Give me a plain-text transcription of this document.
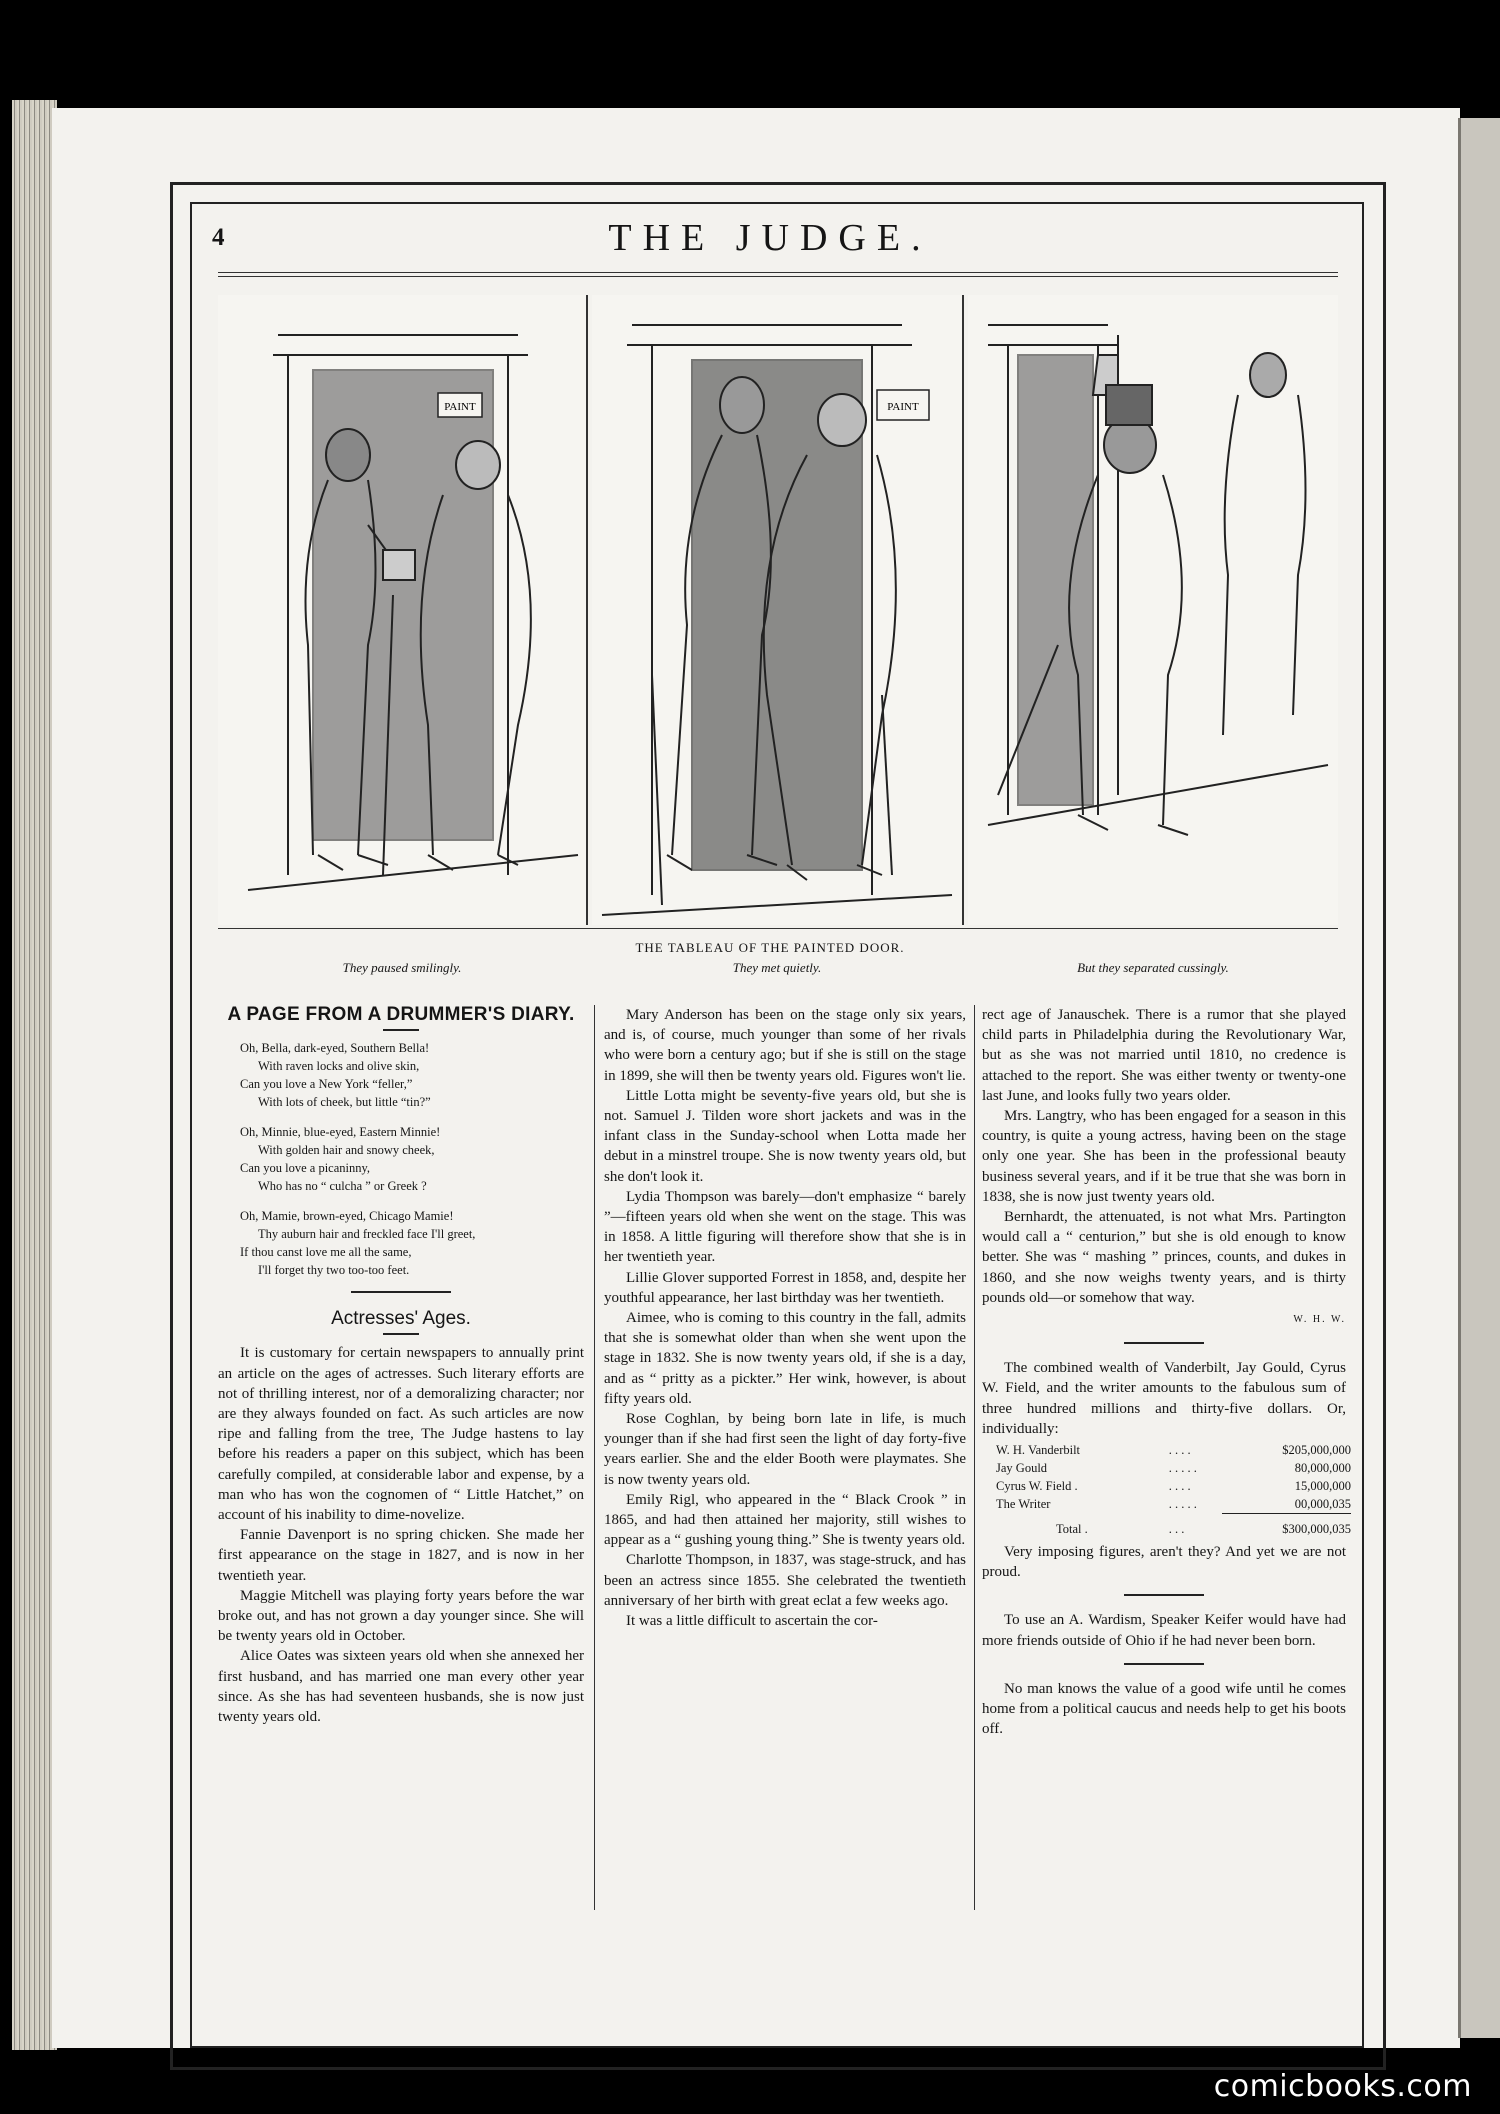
4	THE JUDGE.
PAINT	PAINT
THE TABLEAU OF THE PAINTED DOOR.
They paused smilingly.	They met quietly.	But they separated cussingly.

A PAGE FROM A DRUMMER'S DIARY.

Oh, Bella, dark-eyed, Southern Bella!
With raven locks and olive skin,
Can you love a New York “feller,”
With lots of cheek, but little “tin?”
Oh, Minnie, blue-eyed, Eastern Minnie!
With golden hair and snowy cheek,
Can you love a picaninny,
Who has no “ culcha ” or Greek ?
Oh, Mamie, brown-eyed, Chicago Mamie!
Thy auburn hair and freckled face I'll greet,
If thou canst love me all the same,
I'll forget thy two too-too feet.
Actresses' Ages.

It is customary for certain newspapers to annually print an article on the ages of actresses. Such literary efforts are not of thrilling interest, nor of a demoralizing character; nor are they always founded on fact. As such articles are now ripe and falling from the tree, The Judge hastens to lay before his readers a paper on this subject, which has been carefully compiled, at considerable labor and expense, by a man who has won the cognomen of “ Little Hatchet,” on account of his inability to dime-novelize.

Fannie Davenport is no spring chicken. She made her first appearance on the stage in 1827, and is now in her twentieth year.

Maggie Mitchell was playing forty years before the war broke out, and has not grown a day younger since. She will be twenty years old in October.

Alice Oates was sixteen years old when she annexed her first husband, and has married one man every other year since. As she has had seventeen husbands, she is now just twenty years old.

Mary Anderson has been on the stage only six years, and is, of course, much younger than some of her rivals who were born a century ago; but if she is still on the stage in 1899, she will then be twenty years old. Figures won't lie.

Little Lotta might be seventy-five years old, but she is not. Samuel J. Tilden wore short jackets and was in the infant class in the Sunday-school when Lotta made her debut in a minstrel troupe. She is now twenty years old, but she don't look it.

Lydia Thompson was barely—don't emphasize “ barely ”—fifteen years old when she went on the stage. This was in 1858. A little figuring will therefore show that she is in her twentieth year.

Lillie Glover supported Forrest in 1858, and, despite her youthful appearance, her last birthday was her twentieth.

Aimee, who is coming to this country in the fall, admits that she is somewhat older than when she went upon the stage in 1832. She is now twenty years old, if she is a day, and as “ pritty as a pickter.” Her wink, however, is about fifty years old.

Rose Coghlan, by being born late in life, is much younger than if she had first seen the light of day forty-five years earlier. She and the elder Booth were playmates. She is now twenty years old.

Emily Rigl, who appeared in the “ Black Crook ” in 1865, and had then attained her majority, still wishes to appear as a “ gushing young thing.” She is twenty years old.

Charlotte Thompson, in 1837, was stage-struck, and has been an actress since 1855. She celebrated the twentieth anniversary of her birth with great eclat a few weeks ago.

It was a little difficult to ascertain the cor-

rect age of Janauschek. There is a rumor that she played child parts in Philadelphia during the Revolutionary War, but as she was not married until 1810, no credence is attached to the report. She was either twenty or twenty-one last June, and looks fully two years older.

Mrs. Langtry, who has been engaged for a season in this country, is quite a young actress, having been on the stage only one year. She has been in the professional beauty business several years, and if it be true that she was born in 1838, she is now just twenty years old.

Bernhardt, the attenuated, is not what Mrs. Partington would call a “ centurion,” but she is old enough to know better. She was “ mashing ” princes, counts, and dukes in 1860, and she now weighs twenty years, and is thirty pounds old—or somehow that way.

W. H. W.

The combined wealth of Vanderbilt, Jay Gould, Cyrus W. Field, and the writer amounts to the fabulous sum of three hundred millions and thirty-five dollars. Or, individually:

W. H. Vanderbilt	. . . .	$205,000,000
Jay Gould	. . . . .	80,000,000
Cyrus W. Field .	. . . .	15,000,000
The Writer	. . . . .	00,000,035
Total .	. . .	$300,000,035

Very imposing figures, aren't they? And yet we are not proud.

To use an A. Wardism, Speaker Keifer would have had more friends outside of Ohio if he had never been born.

No man knows the value of a good wife until he comes home from a political caucus and needs help to get his boots off.

comicbooks.com
